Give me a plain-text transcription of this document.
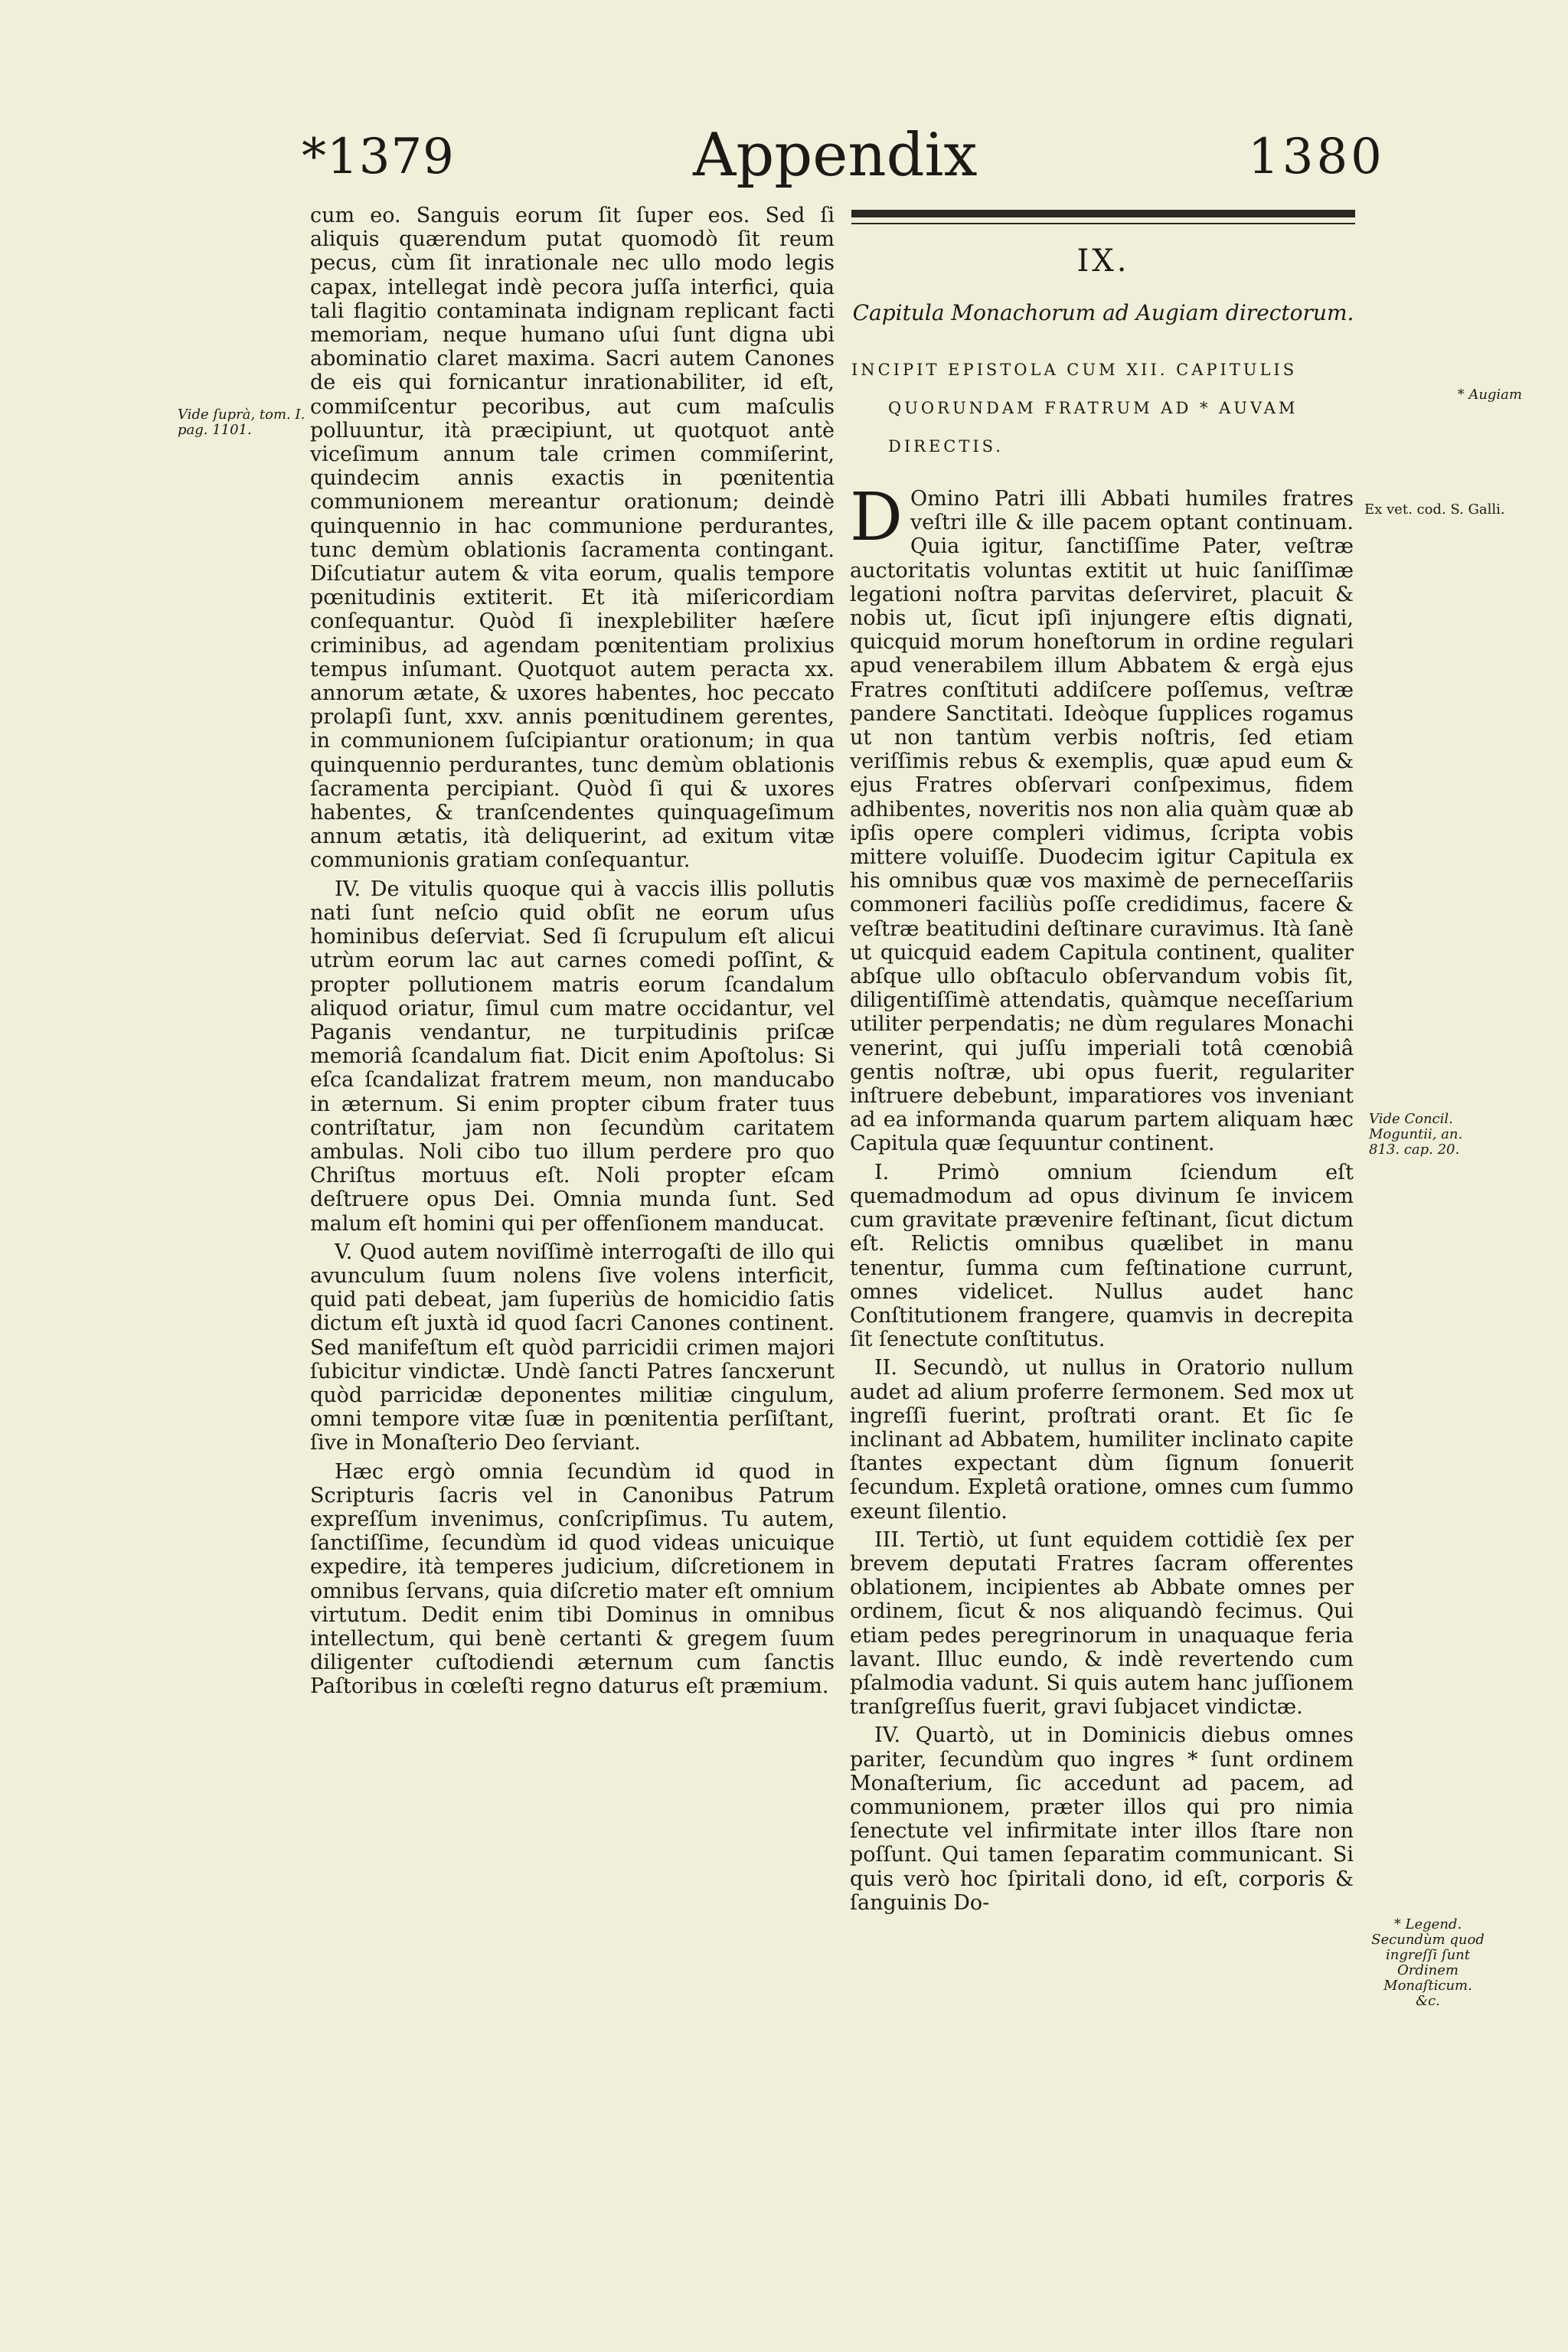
*1379	Appendix	1380

cum eo. Sanguis eorum ſit ſuper eos. Sed ſi aliquis quærendum putat quomodò ſit reum pecus, cùm ſit inrationale nec ullo modo legis capax, intellegat indè pecora juſſa interfici, quia tali flagitio contaminata indignam replicant facti memoriam, neque humano uſui ſunt digna ubi abominatio claret maxima. Sacri autem Canones de eis qui fornicantur inrationabiliter, id eſt, commiſcentur pecoribus, aut cum maſculis polluuntur, ità præcipiunt, ut quotquot antè viceſimum annum tale crimen commiſerint, quindecim annis exactis in pœnitentia communionem mereantur orationum; deindè quinquennio in hac communione perdurantes, tunc demùm oblationis ſacramenta contingant. Diſcutiatur autem & vita eorum, qualis tempore pœnitudinis extiterit. Et ità miſericordiam conſequantur. Quòd ſi inexplebiliter hæſere criminibus, ad agendam pœnitentiam prolixius tempus inſumant. Quotquot autem peracta xx. annorum ætate, & uxores habentes, hoc peccato prolapſi ſunt, xxv. annis pœnitudinem gerentes, in communionem ſuſcipiantur orationum; in qua quinquennio perdurantes, tunc demùm oblationis ſacramenta percipiant. Quòd ſi qui & uxores habentes, & tranſcendentes quinquageſimum annum ætatis, ità deliquerint, ad exitum vitæ communionis gratiam conſequantur.

IV. De vitulis quoque qui à vaccis illis pollutis nati ſunt neſcio quid obſit ne eorum uſus hominibus deſerviat. Sed ſi ſcrupulum eſt alicui utrùm eorum lac aut carnes comedi poſſint, & propter pollutionem matris eorum ſcandalum aliquod oriatur, ſimul cum matre occidantur, vel Paganis vendantur, ne turpitudinis priſcæ memoriâ ſcandalum fiat. Dicit enim Apoſtolus: Si eſca ſcandalizat fratrem meum, non manducabo in æternum. Si enim propter cibum frater tuus contriſtatur, jam non ſecundùm caritatem ambulas. Noli cibo tuo illum perdere pro quo Chriſtus mortuus eſt. Noli propter eſcam deſtruere opus Dei. Omnia munda ſunt. Sed malum eſt homini qui per offenſionem manducat.

V. Quod autem noviſſimè interrogaſti de illo qui avunculum ſuum nolens ſive volens interficit, quid pati debeat, jam ſuperiùs de homicidio ſatis dictum eſt juxtà id quod ſacri Canones continent. Sed manifeſtum eſt quòd parricidii crimen majori ſubicitur vindictæ. Undè ſancti Patres ſancxerunt quòd parricidæ deponentes militiæ cingulum, omni tempore vitæ ſuæ in pœnitentia perſiſtant, ſive in Monaſterio Deo ſerviant.

Hæc ergò omnia ſecundùm id quod in Scripturis ſacris vel in Canonibus Patrum expreſſum invenimus, conſcripſimus. Tu autem, ſanctiſſime, ſecundùm id quod videas unicuique expedire, ità temperes judicium, diſcretionem in omnibus ſervans, quia diſcretio mater eſt omnium virtutum. Dedit enim tibi Dominus in omnibus intellectum, qui benè certanti & gregem ſuum diligenter cuſtodiendi æternum cum ſanctis Paſtoribus in cœleſti regno daturus eſt præmium.

IX.
Capitula Monachorum ad Augiam directorum.
INCIPIT EPISTOLA CUM XII. CAPITULIS
QUORUNDAM FRATRUM AD * AUVAM
DIRECTIS.

D Omino Patri illi Abbati humiles fratres veſtri ille & ille pacem optant continuam. Quia igitur, ſanctiſſime Pater, veſtræ auctoritatis voluntas extitit ut huic ſaniſſimæ legationi noſtra parvitas deſerviret, placuit & nobis ut, ſicut ipſi injungere eſtis dignati, quicquid morum honeſtorum in ordine regulari apud venerabilem illum Abbatem & ergà ejus Fratres conſtituti addiſcere poſſemus, veſtræ pandere Sanctitati. Ideòque ſupplices rogamus ut non tantùm verbis noſtris, ſed etiam veriſſimis rebus & exemplis, quæ apud eum & ejus Fratres obſervari conſpeximus, fidem adhibentes, noveritis nos non alia quàm quæ ab ipſis opere compleri vidimus, ſcripta vobis mittere voluiſſe. Duodecim igitur Capitula ex his omnibus quæ vos maximè de perneceſſariis commoneri faciliùs poſſe credidimus, facere & veſtræ beatitudini deſtinare curavimus. Ità ſanè ut quicquid eadem Capitula continent, qualiter abſque ullo obſtaculo obſervandum vobis ſit, diligentiſſimè attendatis, quàmque neceſſarium utiliter perpendatis; ne dùm regulares Monachi venerint, qui juſſu imperiali totâ cœnobiâ gentis noſtræ, ubi opus fuerit, regulariter inſtruere debebunt, imparatiores vos inveniant ad ea informanda quarum partem aliquam hæc Capitula quæ ſequuntur continent.

I. Primò omnium ſciendum eſt quemadmodum ad opus divinum ſe invicem cum gravitate prævenire feſtinant, ſicut dictum eſt. Relictis omnibus quælibet in manu tenentur, ſumma cum feſtinatione currunt, omnes videlicet. Nullus audet hanc Conſtitutionem frangere, quamvis in decrepita ſit ſenectute conſtitutus.

II. Secundò, ut nullus in Oratorio nullum audet ad alium proferre ſermonem. Sed mox ut ingreſſi fuerint, proſtrati orant. Et ſic ſe inclinant ad Abbatem, humiliter inclinato capite ſtantes expectant dùm ſignum ſonuerit ſecundum. Expletâ oratione, omnes cum ſummo exeunt ſilentio.

III. Tertiò, ut ſunt equidem cottidiè ſex per brevem deputati Fratres ſacram offerentes oblationem, incipientes ab Abbate omnes per ordinem, ſicut & nos aliquandò fecimus. Qui etiam pedes peregrinorum in unaquaque feria lavant. Illuc eundo, & indè revertendo cum pſalmodia vadunt. Si quis autem hanc juſſionem tranſgreſſus fuerit, gravi ſubjacet vindictæ.

IV. Quartò, ut in Dominicis diebus omnes pariter, ſecundùm quo ingres * ſunt ordinem Monaſterium, ſic accedunt ad pacem, ad communionem, præter illos qui pro nimia ſenectute vel infirmitate inter illos ſtare non poſſunt. Qui tamen ſeparatim communicant. Si quis verò hoc ſpiritali dono, id eſt, corporis & ſanguinis Do-

Vide ſuprà, tom. I. pag. 1101.
* Augiam
Ex vet. cod. S. Galli.
Vide Concil. Moguntii, an. 813. cap. 20.
* Legend. Secundùm quod ingreſſi ſunt Ordinem Monaſticum. &c.
